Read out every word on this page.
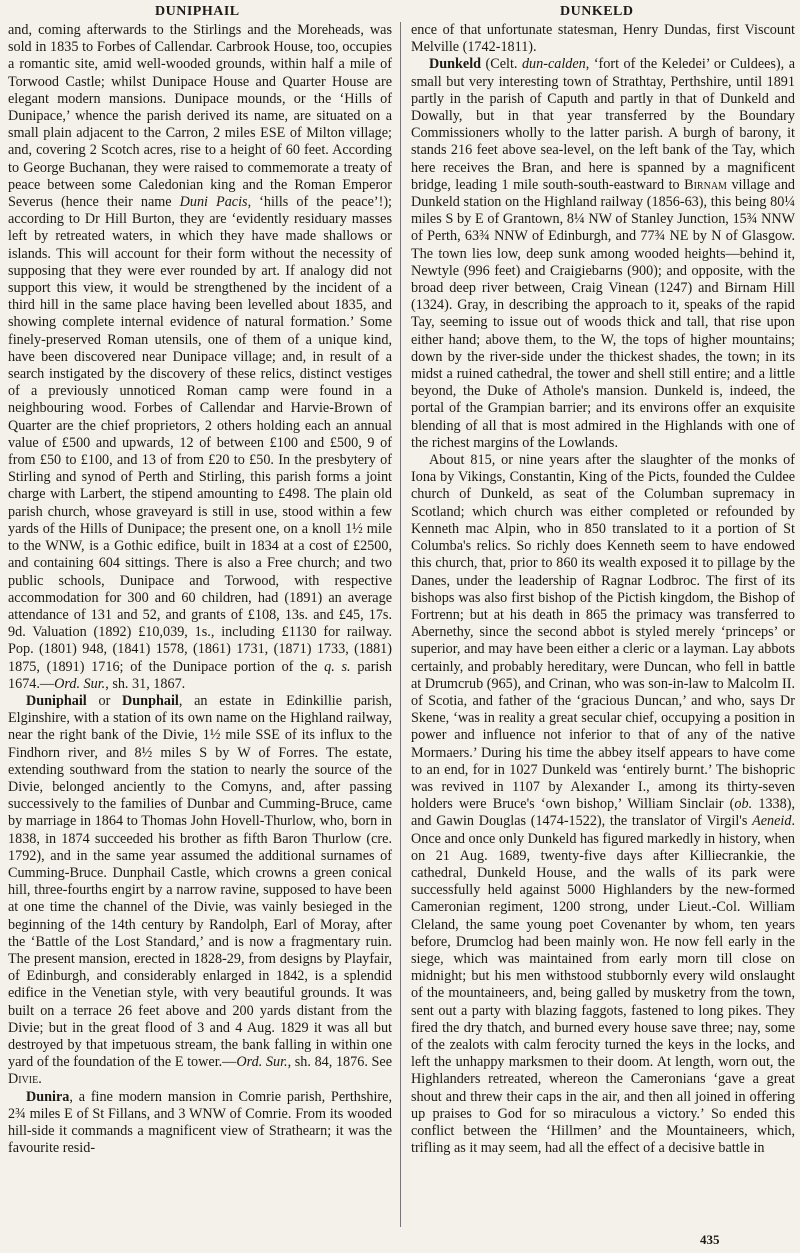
DUNIPHAIL	DUNKELD

and, coming afterwards to the Stirlings and the Moreheads, was sold in 1835 to Forbes of Callendar. Carbrook House, too, occupies a romantic site, amid well-wooded grounds, within half a mile of Torwood Castle; whilst Dunipace House and Quarter House are elegant modern mansions. Dunipace mounds, or the ‘Hills of Dunipace,’ whence the parish derived its name, are situated on a small plain adjacent to the Carron, 2 miles ESE of Milton village; and, covering 2 Scotch acres, rise to a height of 60 feet. According to George Buchanan, they were raised to commemorate a treaty of peace between some Caledonian king and the Roman Emperor Severus (hence their name Duni Pacis, ‘hills of the peace’!); according to Dr Hill Burton, they are ‘evidently residuary masses left by retreated waters, in which they have made shallows or islands. This will account for their form without the necessity of supposing that they were ever rounded by art. If analogy did not support this view, it would be strengthened by the incident of a third hill in the same place having been levelled about 1835, and showing complete internal evidence of natural formation.’ Some finely-preserved Roman utensils, one of them of a unique kind, have been discovered near Dunipace village; and, in result of a search instigated by the discovery of these relics, distinct vestiges of a previously unnoticed Roman camp were found in a neighbouring wood. Forbes of Callendar and Harvie-Brown of Quarter are the chief proprietors, 2 others holding each an annual value of £500 and upwards, 12 of between £100 and £500, 9 of from £50 to £100, and 13 of from £20 to £50. In the presbytery of Stirling and synod of Perth and Stirling, this parish forms a joint charge with Larbert, the stipend amounting to £498. The plain old parish church, whose graveyard is still in use, stood within a few yards of the Hills of Dunipace; the present one, on a knoll 1½ mile to the WNW, is a Gothic edifice, built in 1834 at a cost of £2500, and containing 604 sittings. There is also a Free church; and two public schools, Dunipace and Torwood, with respective accommodation for 300 and 60 children, had (1891) an average attendance of 131 and 52, and grants of £108, 13s. and £45, 17s. 9d. Valuation (1892) £10,039, 1s., including £1130 for railway. Pop. (1801) 948, (1841) 1578, (1861) 1731, (1871) 1733, (1881) 1875, (1891) 1716; of the Dunipace portion of the q. s. parish 1674.—Ord. Sur., sh. 31, 1867.

Duniphail or Dunphail, an estate in Edinkillie parish, Elginshire, with a station of its own name on the Highland railway, near the right bank of the Divie, 1½ mile SSE of its influx to the Findhorn river, and 8½ miles S by W of Forres. The estate, extending southward from the station to nearly the source of the Divie, belonged anciently to the Comyns, and, after passing successively to the families of Dunbar and Cumming-Bruce, came by marriage in 1864 to Thomas John Hovell-Thurlow, who, born in 1838, in 1874 succeeded his brother as fifth Baron Thurlow (cre. 1792), and in the same year assumed the additional surnames of Cumming-Bruce. Dunphail Castle, which crowns a green conical hill, three-fourths engirt by a narrow ravine, supposed to have been at one time the channel of the Divie, was vainly besieged in the beginning of the 14th century by Randolph, Earl of Moray, after the ‘Battle of the Lost Standard,’ and is now a fragmentary ruin. The present mansion, erected in 1828-29, from designs by Playfair, of Edinburgh, and considerably enlarged in 1842, is a splendid edifice in the Venetian style, with very beautiful grounds. It was built on a terrace 26 feet above and 200 yards distant from the Divie; but in the great flood of 3 and 4 Aug. 1829 it was all but destroyed by that impetuous stream, the bank falling in within one yard of the foundation of the E tower.—Ord. Sur., sh. 84, 1876. See Divie.

Dunira, a fine modern mansion in Comrie parish, Perthshire, 2¾ miles E of St Fillans, and 3 WNW of Comrie. From its wooded hill-side it commands a magnificent view of Strathearn; it was the favourite resid-

ence of that unfortunate statesman, Henry Dundas, first Viscount Melville (1742-1811).

Dunkeld (Celt. dun-calden, ‘fort of the Keledei’ or Culdees), a small but very interesting town of Strathtay, Perthshire, until 1891 partly in the parish of Caputh and partly in that of Dunkeld and Dowally, but in that year transferred by the Boundary Commissioners wholly to the latter parish. A burgh of barony, it stands 216 feet above sea-level, on the left bank of the Tay, which here receives the Bran, and here is spanned by a magnificent bridge, leading 1 mile south-south-eastward to Birnam village and Dunkeld station on the Highland railway (1856-63), this being 80¼ miles S by E of Grantown, 8¼ NW of Stanley Junction, 15¾ NNW of Perth, 63¾ NNW of Edinburgh, and 77¾ NE by N of Glasgow. The town lies low, deep sunk among wooded heights—behind it, Newtyle (996 feet) and Craigiebarns (900); and opposite, with the broad deep river between, Craig Vinean (1247) and Birnam Hill (1324). Gray, in describing the approach to it, speaks of the rapid Tay, seeming to issue out of woods thick and tall, that rise upon either hand; above them, to the W, the tops of higher mountains; down by the river-side under the thickest shades, the town; in its midst a ruined cathedral, the tower and shell still entire; and a little beyond, the Duke of Athole's mansion. Dunkeld is, indeed, the portal of the Grampian barrier; and its environs offer an exquisite blending of all that is most admired in the Highlands with one of the richest margins of the Lowlands.

About 815, or nine years after the slaughter of the monks of Iona by Vikings, Constantin, King of the Picts, founded the Culdee church of Dunkeld, as seat of the Columban supremacy in Scotland; which church was either completed or refounded by Kenneth mac Alpin, who in 850 translated to it a portion of St Columba's relics. So richly does Kenneth seem to have endowed this church, that, prior to 860 its wealth exposed it to pillage by the Danes, under the leadership of Ragnar Lodbroc. The first of its bishops was also first bishop of the Pictish kingdom, the Bishop of Fortrenn; but at his death in 865 the primacy was transferred to Abernethy, since the second abbot is styled merely ‘princeps’ or superior, and may have been either a cleric or a layman. Lay abbots certainly, and probably hereditary, were Duncan, who fell in battle at Drumcrub (965), and Crinan, who was son-in-law to Malcolm II. of Scotia, and father of the ‘gracious Duncan,’ and who, says Dr Skene, ‘was in reality a great secular chief, occupying a position in power and influence not inferior to that of any of the native Mormaers.’ During his time the abbey itself appears to have come to an end, for in 1027 Dunkeld was ‘entirely burnt.’ The bishopric was revived in 1107 by Alexander I., among its thirty-seven holders were Bruce's ‘own bishop,’ William Sinclair (ob. 1338), and Gawin Douglas (1474-1522), the translator of Virgil's Aeneid. Once and once only Dunkeld has figured markedly in history, when on 21 Aug. 1689, twenty-five days after Killiecrankie, the cathedral, Dunkeld House, and the walls of its park were successfully held against 5000 Highlanders by the new-formed Cameronian regiment, 1200 strong, under Lieut.-Col. William Cleland, the same young poet Covenanter by whom, ten years before, Drumclog had been mainly won. He now fell early in the siege, which was maintained from early morn till close on midnight; but his men withstood stubbornly every wild onslaught of the mountaineers, and, being galled by musketry from the town, sent out a party with blazing faggots, fastened to long pikes. They fired the dry thatch, and burned every house save three; nay, some of the zealots with calm ferocity turned the keys in the locks, and left the unhappy marksmen to their doom. At length, worn out, the Highlanders retreated, whereon the Cameronians ‘gave a great shout and threw their caps in the air, and then all joined in offering up praises to God for so miraculous a victory.’ So ended this conflict between the ‘Hillmen’ and the Mountaineers, which, trifling as it may seem, had all the effect of a decisive battle in

435
